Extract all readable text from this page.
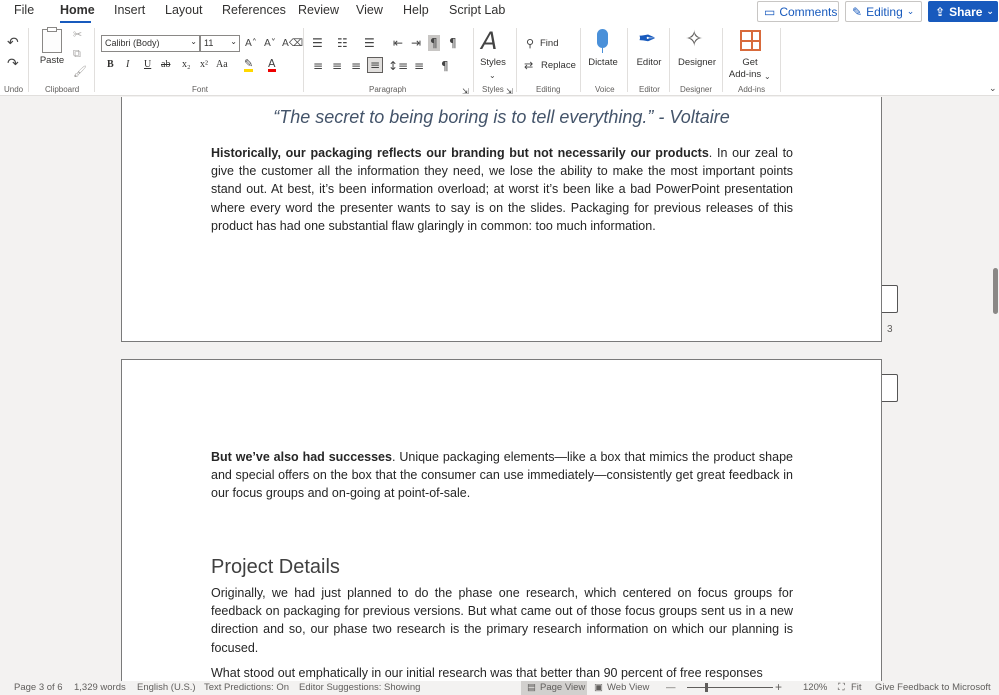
File Home Insert Layout References Review View Help Script Lab	▭ Comments ✎ Editing ⌄ ⇪ Share ⌄
↶
↷
Undo
Paste
✂
⧉
🖌
Clipboard
Calibri (Body)	⌄ 11 ⌄ A˄ A˅ A⌫
B I U ab x₂ x² Aa ✎ A
Font
☰ ☷ ☰ ⇤ ⇥ ¶ ¶
≡ ≡ ≡ ≡ ↕≡ ≡ ¶
Paragraph	⇲
A
Styles
⌄
Styles ⇲
⚲ Find
⇄ Replace
Editing
Dictate
Voice
✒
Editor
Editor
✧
Designer
Designer
Get
Add-ins ⌄
Add-ins	⌄
“The secret to being boring is to tell everything.” - Voltaire
Historically, our packaging reflects our branding but not necessarily our products. In our zeal to give the customer all the information they need, we lose the ability to make the most important points stand out. At best, it’s been information overload; at worst it’s been like a bad PowerPoint presentation where every word the presenter wants to say is on the slides. Packaging for previous releases of this product has had one substantial flaw glaringly in common: too much information.
3
But we’ve also had successes. Unique packaging elements—like a box that mimics the product shape and special offers on the box that the consumer can use immediately—consistently get great feedback in our focus groups and on-going at point-of-sale.
Project Details
Originally, we had just planned to do the phase one research, which centered on focus groups for feedback on packaging for previous versions. But what came out of those focus groups sent us in a new direction and so, our phase two research is the primary research information on which our planning is focused.
What stood out emphatically in our initial research was that better than 90 percent of free responses
Page 3 of 6 1,329 words English (U.S.) Text Predictions: On Editor Suggestions: Showing	▤ Page View ▣ Web View —	+ 120% ⛶ Fit Give Feedback to Microsoft
